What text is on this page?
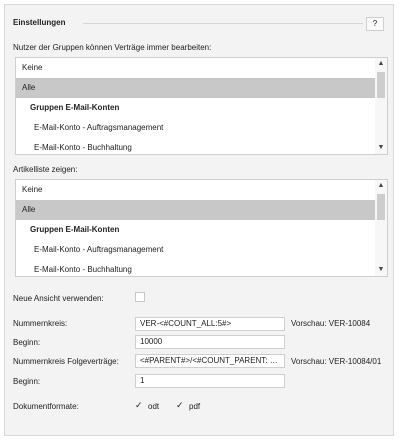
Einstellungen	?
Nutzer der Gruppen können Verträge immer bearbeiten:
Keine
Alle
Gruppen E-Mail-Konten
E-Mail-Konto - Auftragsmanagement
E-Mail-Konto - Buchhaltung
▲
▼
Artikelliste zeigen:
Keine
Alle
Gruppen E-Mail-Konten
E-Mail-Konto - Auftragsmanagement
E-Mail-Konto - Buchhaltung
▲
▼
Neue Ansicht verwenden:
Nummernkreis:	VER-<#COUNT_ALL:5#>	Vorschau: VER-10084
Beginn:	10000
Nummernkreis Folgeverträge:	<#PARENT#>/<#COUNT_PARENT: …	Vorschau: VER-10084/01
Beginn:	1
Dokumentformate:	✓ odt ✓ pdf
